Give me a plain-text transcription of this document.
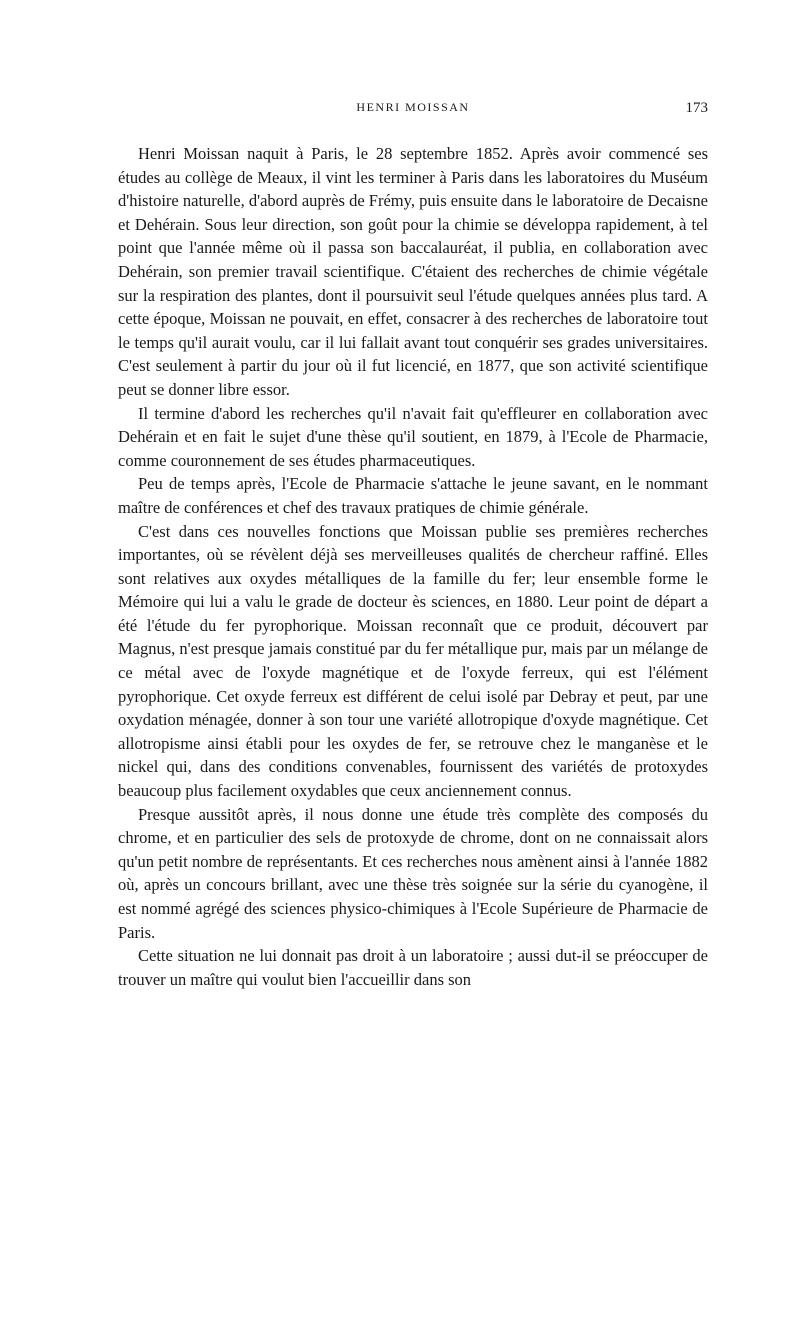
HENRI MOISSAN	173

Henri Moissan naquit à Paris, le 28 septembre 1852. Après avoir commencé ses études au collège de Meaux, il vint les terminer à Paris dans les laboratoires du Muséum d'histoire naturelle, d'abord auprès de Frémy, puis ensuite dans le laboratoire de Decaisne et Dehérain. Sous leur direction, son goût pour la chimie se développa rapidement, à tel point que l'année même où il passa son baccalauréat, il publia, en collaboration avec Dehérain, son premier travail scientifique. C'étaient des recherches de chimie végétale sur la respiration des plantes, dont il poursuivit seul l'étude quelques années plus tard. A cette époque, Moissan ne pouvait, en effet, consacrer à des recherches de laboratoire tout le temps qu'il aurait voulu, car il lui fallait avant tout conquérir ses grades universitaires. C'est seulement à partir du jour où il fut licencié, en 1877, que son activité scientifique peut se donner libre essor.

Il termine d'abord les recherches qu'il n'avait fait qu'effleurer en collaboration avec Dehérain et en fait le sujet d'une thèse qu'il soutient, en 1879, à l'Ecole de Pharmacie, comme couronnement de ses études pharmaceutiques.

Peu de temps après, l'Ecole de Pharmacie s'attache le jeune savant, en le nommant maître de conférences et chef des travaux pratiques de chimie générale.

C'est dans ces nouvelles fonctions que Moissan publie ses premières recherches importantes, où se révèlent déjà ses merveilleuses qualités de chercheur raffiné. Elles sont relatives aux oxydes métalliques de la famille du fer; leur ensemble forme le Mémoire qui lui a valu le grade de docteur ès sciences, en 1880. Leur point de départ a été l'étude du fer pyrophorique. Moissan reconnaît que ce produit, découvert par Magnus, n'est presque jamais constitué par du fer métallique pur, mais par un mélange de ce métal avec de l'oxyde magnétique et de l'oxyde ferreux, qui est l'élément pyrophorique. Cet oxyde ferreux est différent de celui isolé par Debray et peut, par une oxydation ménagée, donner à son tour une variété allotropique d'oxyde magnétique. Cet allotropisme ainsi établi pour les oxydes de fer, se retrouve chez le manganèse et le nickel qui, dans des conditions convenables, fournissent des variétés de protoxydes beaucoup plus facilement oxydables que ceux anciennement connus.

Presque aussitôt après, il nous donne une étude très complète des composés du chrome, et en particulier des sels de protoxyde de chrome, dont on ne connaissait alors qu'un petit nombre de représentants. Et ces recherches nous amènent ainsi à l'année 1882 où, après un concours brillant, avec une thèse très soignée sur la série du cyanogène, il est nommé agrégé des sciences physico-chimiques à l'Ecole Supérieure de Pharmacie de Paris.

Cette situation ne lui donnait pas droit à un laboratoire ; aussi dut-il se préoccuper de trouver un maître qui voulut bien l'accueillir dans son
